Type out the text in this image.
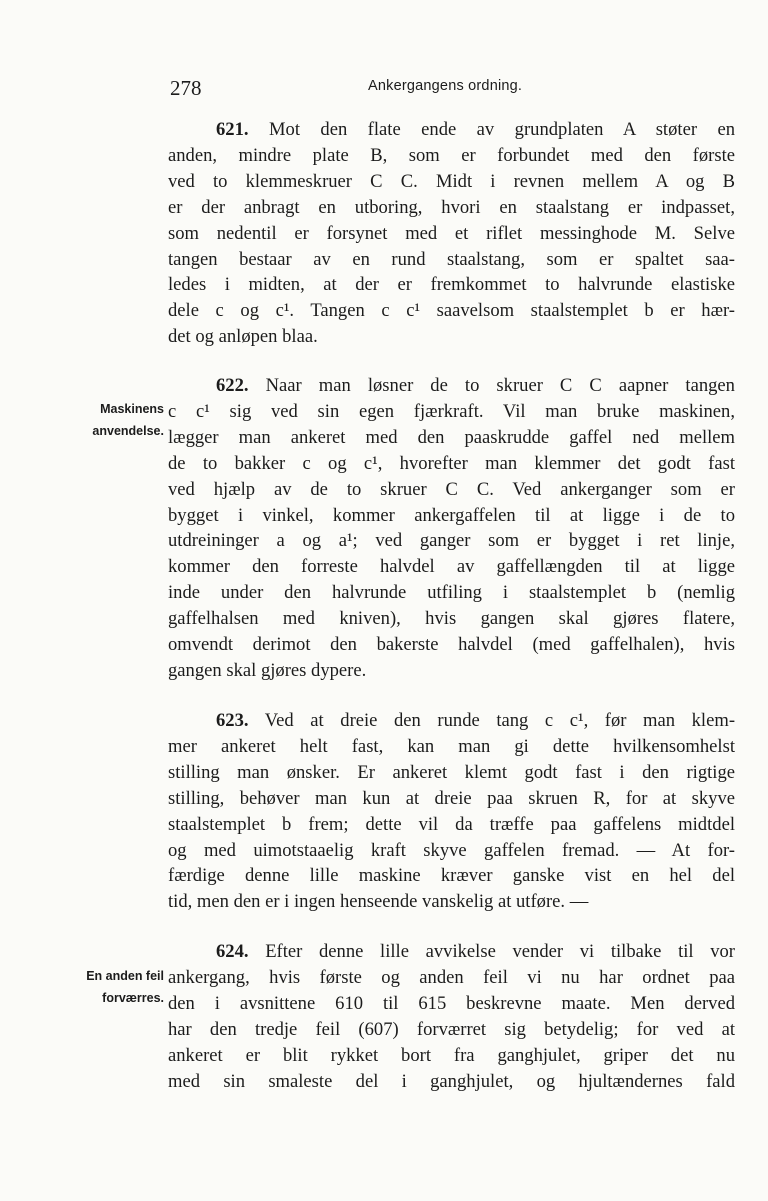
278	Ankergangens ordning.
Maskinens
anvendelse.
En anden feil
forværres.
621. Mot den flate ende av grundplaten A støter en
anden, mindre plate B, som er forbundet med den første
ved to klemmeskruer C C. Midt i revnen mellem A og B
er der anbragt en utboring, hvori en staalstang er indpasset,
som nedentil er forsynet med et riflet messinghode M. Selve
tangen bestaar av en rund staalstang, som er spaltet saa-
ledes i midten, at der er fremkommet to halvrunde elastiske
dele c og c¹. Tangen c c¹ saavelsom staalstemplet b er hær-
det og anløpen blaa.
622. Naar man løsner de to skruer C C aapner tangen
c c¹ sig ved sin egen fjærkraft. Vil man bruke maskinen,
lægger man ankeret med den paaskrudde gaffel ned mellem
de to bakker c og c¹, hvorefter man klemmer det godt fast
ved hjælp av de to skruer C C. Ved ankerganger som er
bygget i vinkel, kommer ankergaffelen til at ligge i de to
utdreininger a og a¹; ved ganger som er bygget i ret linje,
kommer den forreste halvdel av gaffellængden til at ligge
inde under den halvrunde utfiling i staalstemplet b (nemlig
gaffelhalsen med kniven), hvis gangen skal gjøres flatere,
omvendt derimot den bakerste halvdel (med gaffelhalen), hvis
gangen skal gjøres dypere.
623. Ved at dreie den runde tang c c¹, før man klem-
mer ankeret helt fast, kan man gi dette hvilkensomhelst
stilling man ønsker. Er ankeret klemt godt fast i den rigtige
stilling, behøver man kun at dreie paa skruen R, for at skyve
staalstemplet b frem; dette vil da træffe paa gaffelens midtdel
og med uimotstaaelig kraft skyve gaffelen fremad. — At for-
færdige denne lille maskine kræver ganske vist en hel del
tid, men den er i ingen henseende vanskelig at utføre. —
624. Efter denne lille avvikelse vender vi tilbake til vor
ankergang, hvis første og anden feil vi nu har ordnet paa
den i avsnittene 610 til 615 beskrevne maate. Men derved
har den tredje feil (607) forværret sig betydelig; for ved at
ankeret er blit rykket bort fra ganghjulet, griper det nu
med sin smaleste del i ganghjulet, og hjultændernes fald
